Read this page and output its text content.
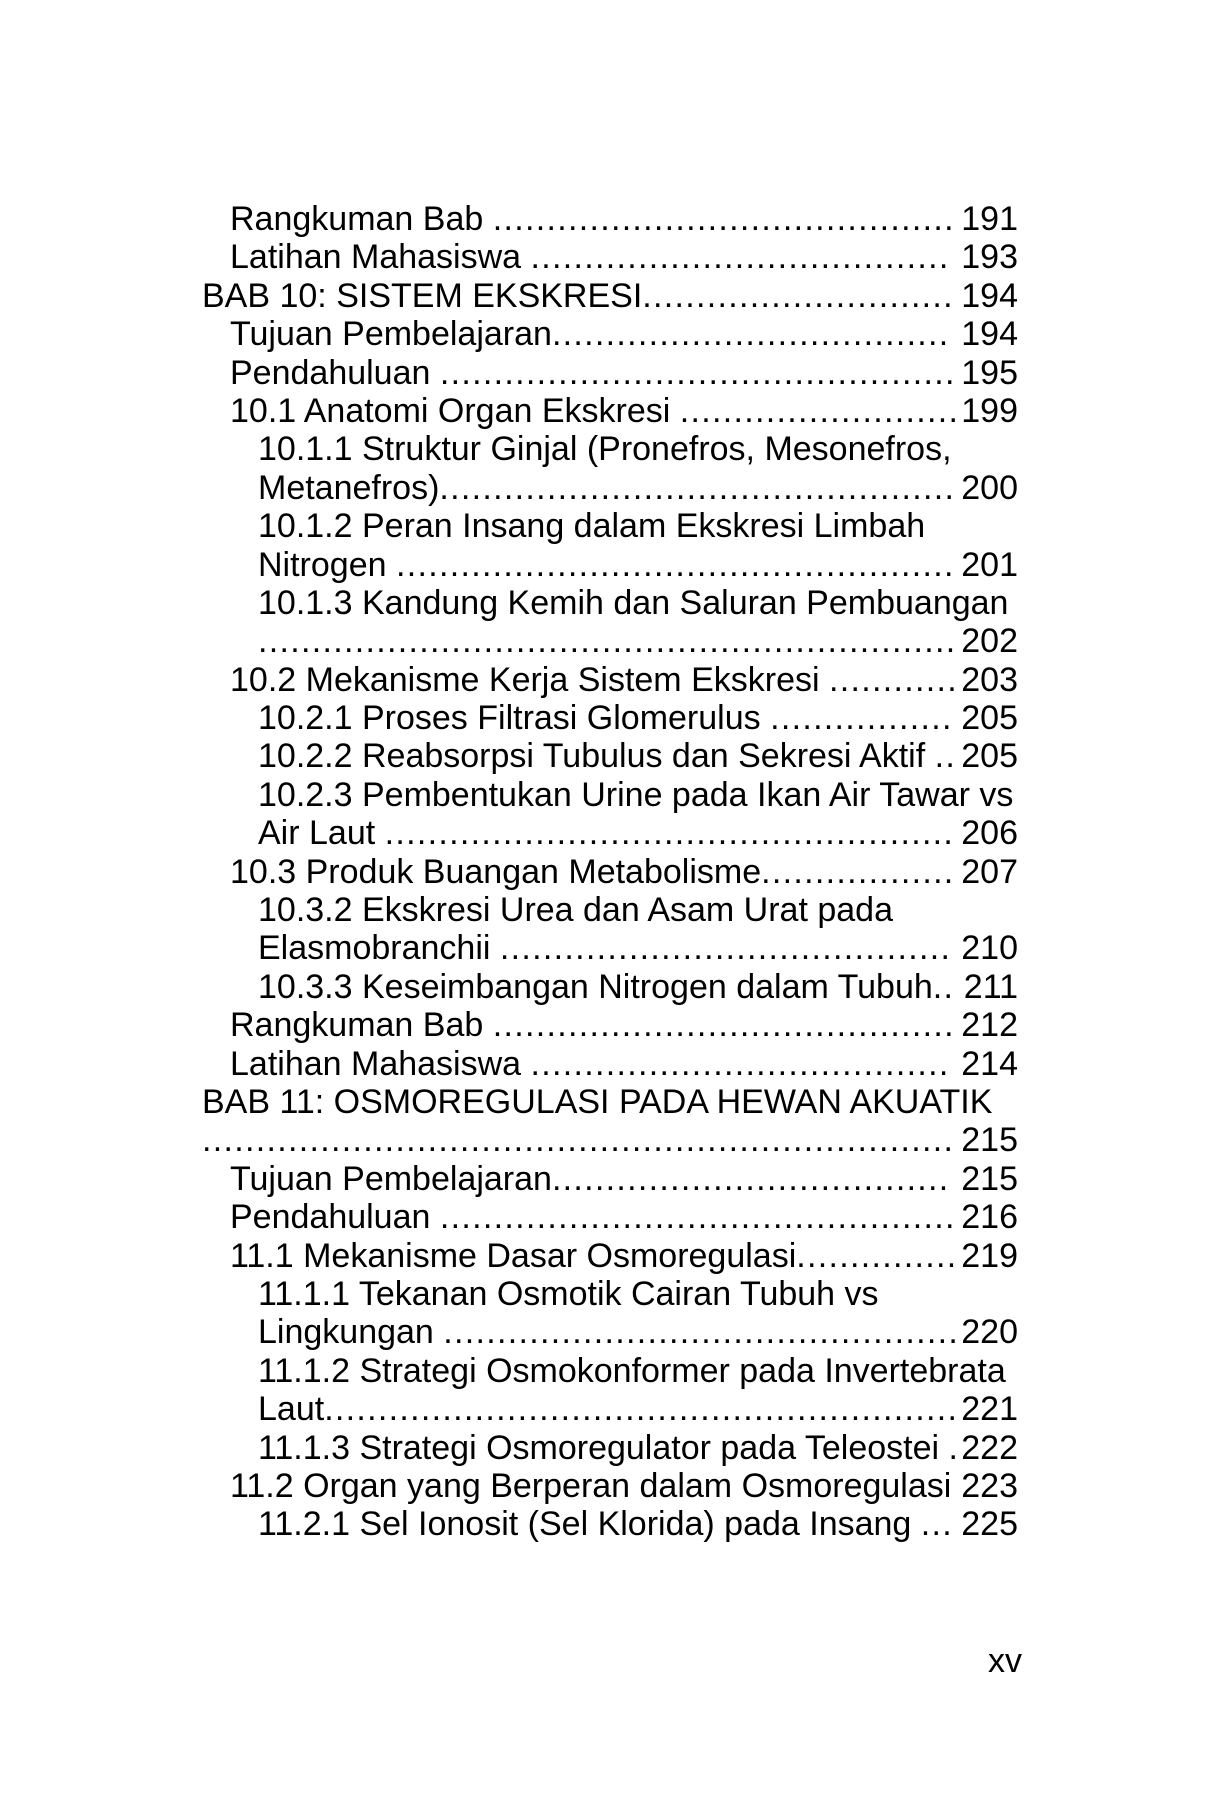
Rangkuman Bab ........................................... 191
Latihan Mahasiswa ....................................... 193
BAB 10: SISTEM EKSKRESI............................. 194
Tujuan Pembelajaran..................................... 194
Pendahuluan ................................................ 195
10.1 Anatomi Organ Ekskresi .......................... 199
10.1.1 Struktur Ginjal (Pronefros, Mesonefros,
Metanefros)................................................ 200
10.1.2 Peran Insang dalam Ekskresi Limbah
Nitrogen .................................................... 201
10.1.3 Kandung Kemih dan Saluran Pembuangan
................................................................. 202
10.2 Mekanisme Kerja Sistem Ekskresi ............ 203
10.2.1 Proses Filtrasi Glomerulus ................. 205
10.2.2 Reabsorpsi Tubulus dan Sekresi Aktif .. 205
10.2.3 Pembentukan Urine pada Ikan Air Tawar vs
Air Laut ..................................................... 206
10.3 Produk Buangan Metabolisme.................. 207
10.3.2 Ekskresi Urea dan Asam Urat pada
Elasmobranchii .......................................... 210
10.3.3 Keseimbangan Nitrogen dalam Tubuh.. 211
Rangkuman Bab ........................................... 212
Latihan Mahasiswa ....................................... 214
BAB 11: OSMOREGULASI PADA HEWAN AKUATIK
...................................................................... 215
Tujuan Pembelajaran..................................... 215
Pendahuluan ................................................ 216
11.1 Mekanisme Dasar Osmoregulasi............... 219
11.1.1 Tekanan Osmotik Cairan Tubuh vs
Lingkungan ................................................ 220
11.1.2 Strategi Osmokonformer pada Invertebrata
Laut........................................................... 221
11.1.3 Strategi Osmoregulator pada Teleostei . 222
11.2 Organ yang Berperan dalam Osmoregulasi 223
11.2.1 Sel Ionosit (Sel Klorida) pada Insang ... 225
xv
